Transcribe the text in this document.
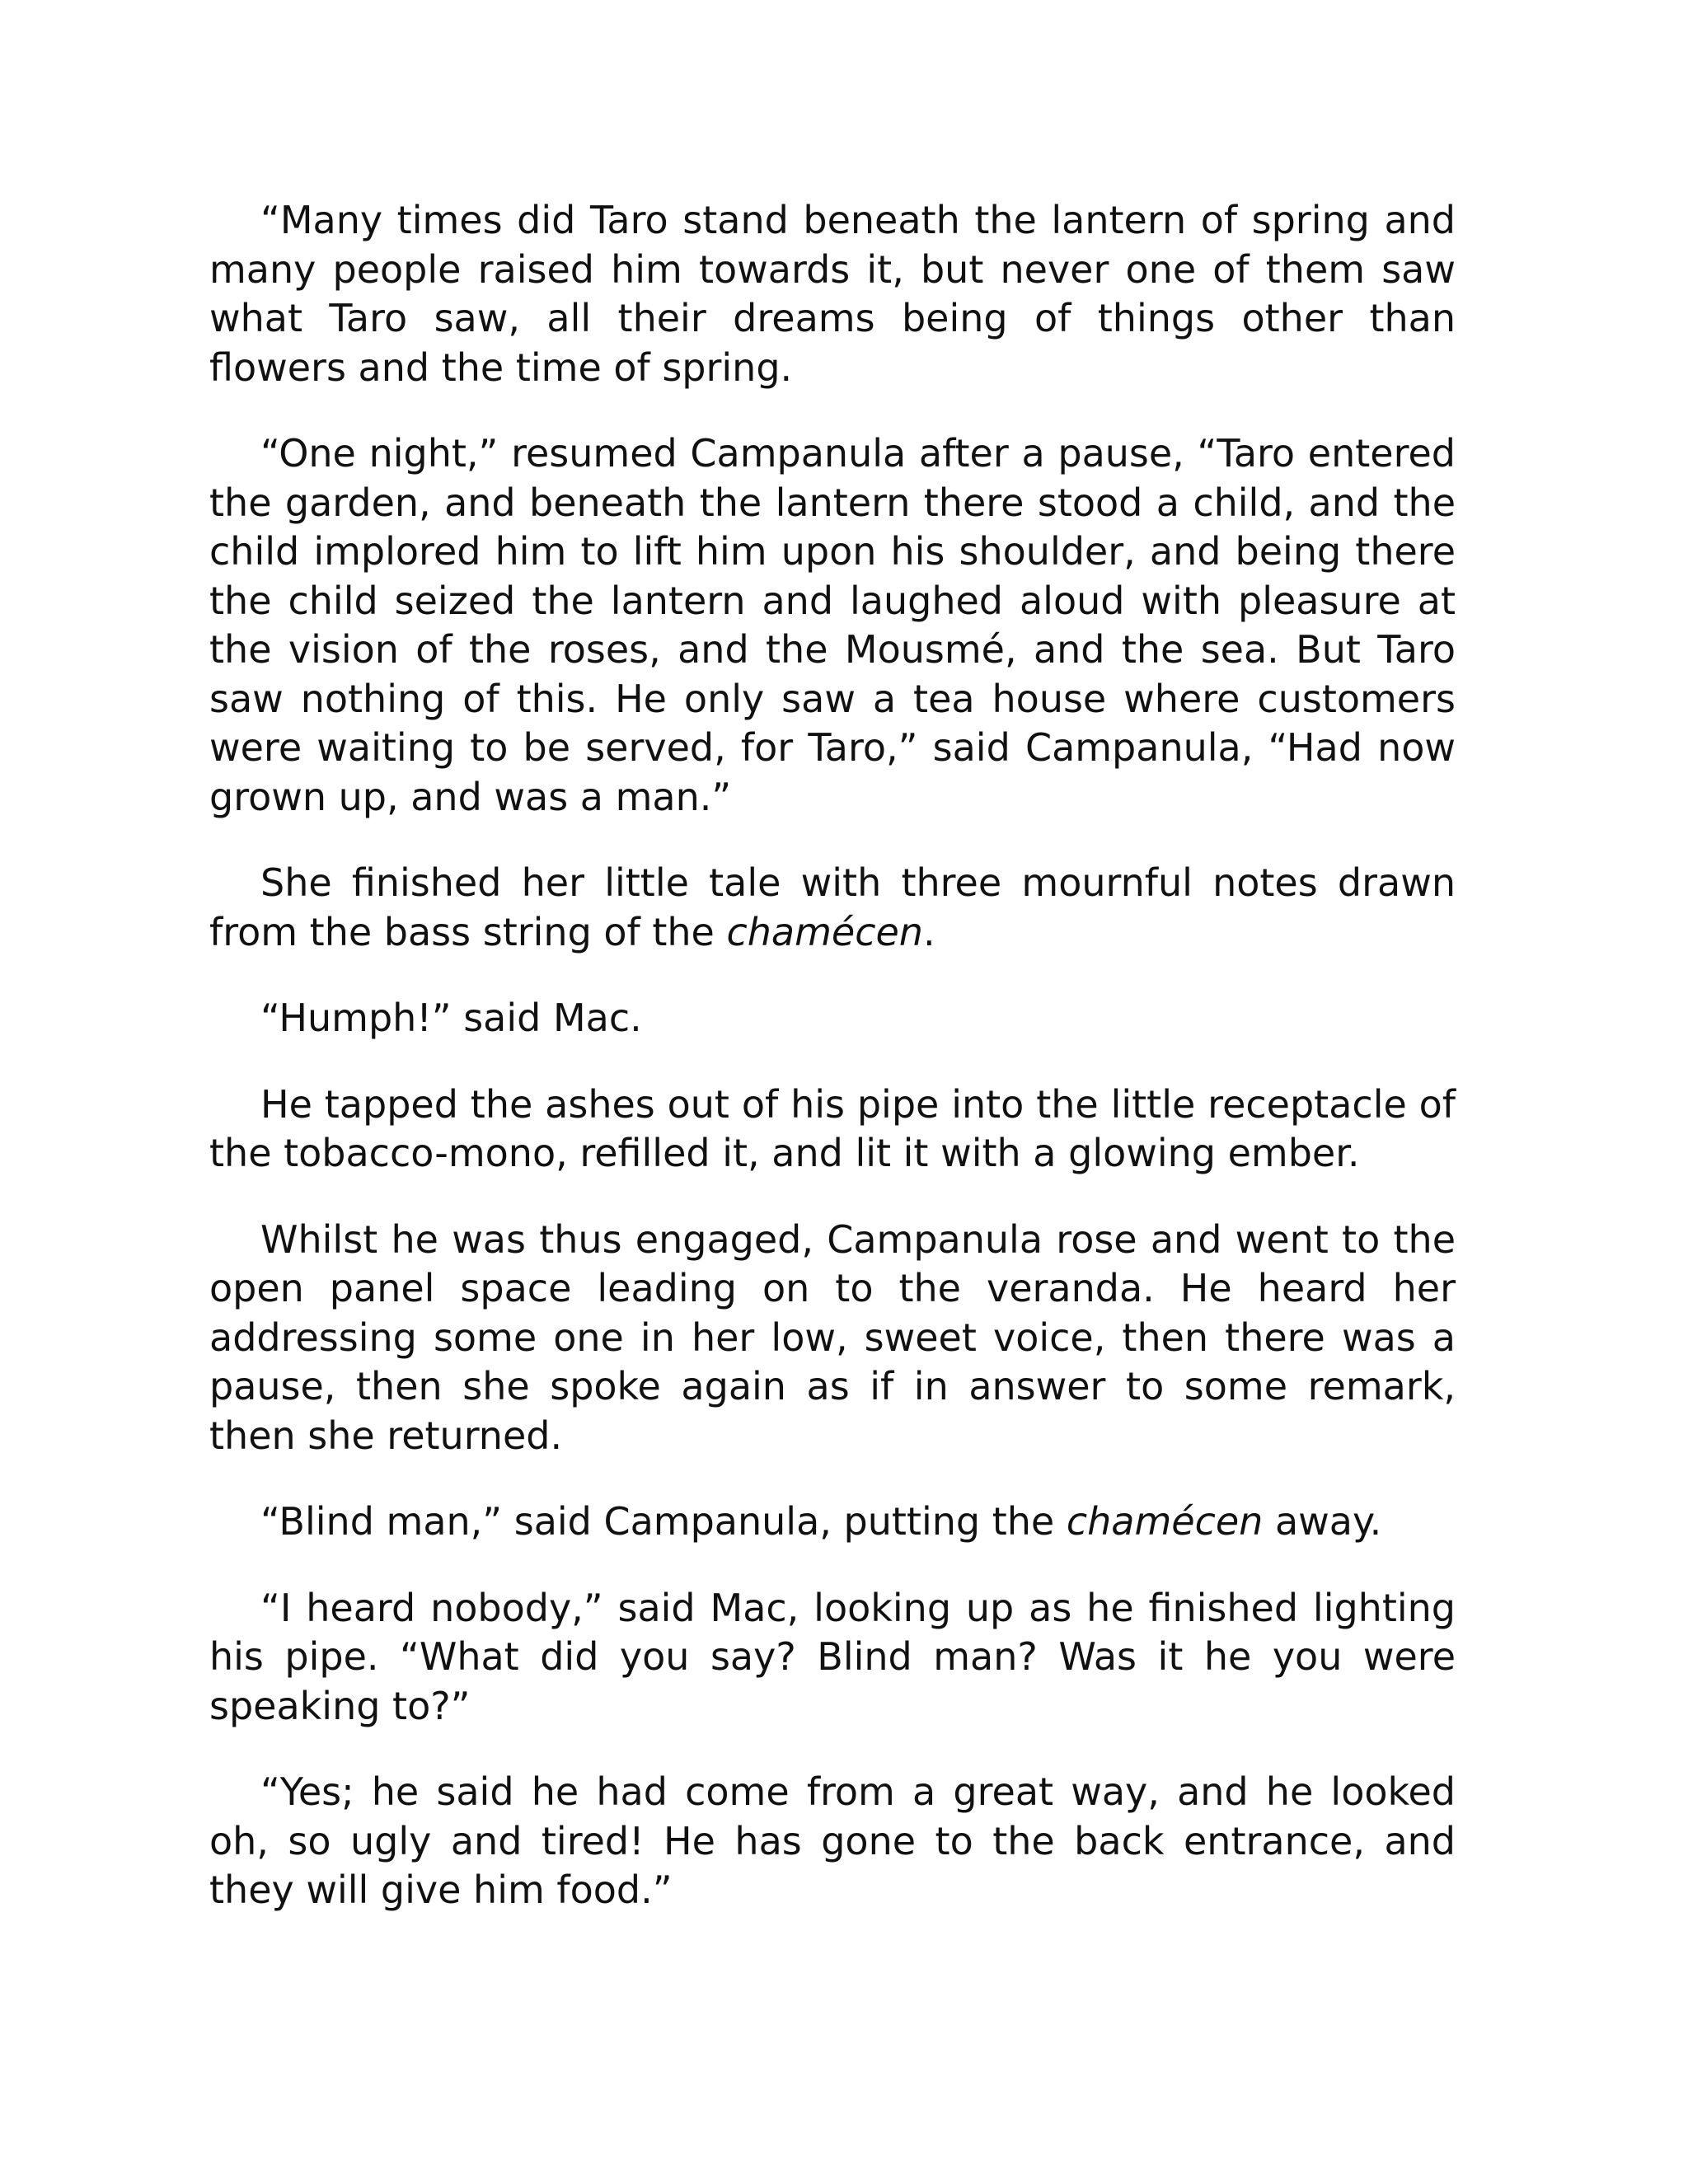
“Many times did Taro stand beneath the lantern of spring and many people raised him towards it, but never one of them saw what Taro saw, all their dreams being of things other than flowers and the time of spring.

“One night,” resumed Campanula after a pause, “Taro entered the garden, and beneath the lantern there stood a child, and the child implored him to lift him upon his shoulder, and being there the child seized the lantern and laughed aloud with pleasure at the vision of the roses, and the Mousmé, and the sea. But Taro saw nothing of this. He only saw a tea house where customers were waiting to be served, for Taro,” said Campanula, “Had now grown up, and was a man.”

She finished her little tale with three mournful notes drawn from the bass string of the chamécen.

“Humph!” said Mac.

He tapped the ashes out of his pipe into the little receptacle of the tobacco-mono, refilled it, and lit it with a glowing ember.

Whilst he was thus engaged, Campanula rose and went to the open panel space leading on to the veranda. He heard her addressing some one in her low, sweet voice, then there was a pause, then she spoke again as if in answer to some remark, then she returned.

“Blind man,” said Campanula, putting the chamécen away.

“I heard nobody,” said Mac, looking up as he finished lighting his pipe. “What did you say? Blind man? Was it he you were speaking to?”

“Yes; he said he had come from a great way, and he looked oh, so ugly and tired! He has gone to the back entrance, and they will give him food.”
